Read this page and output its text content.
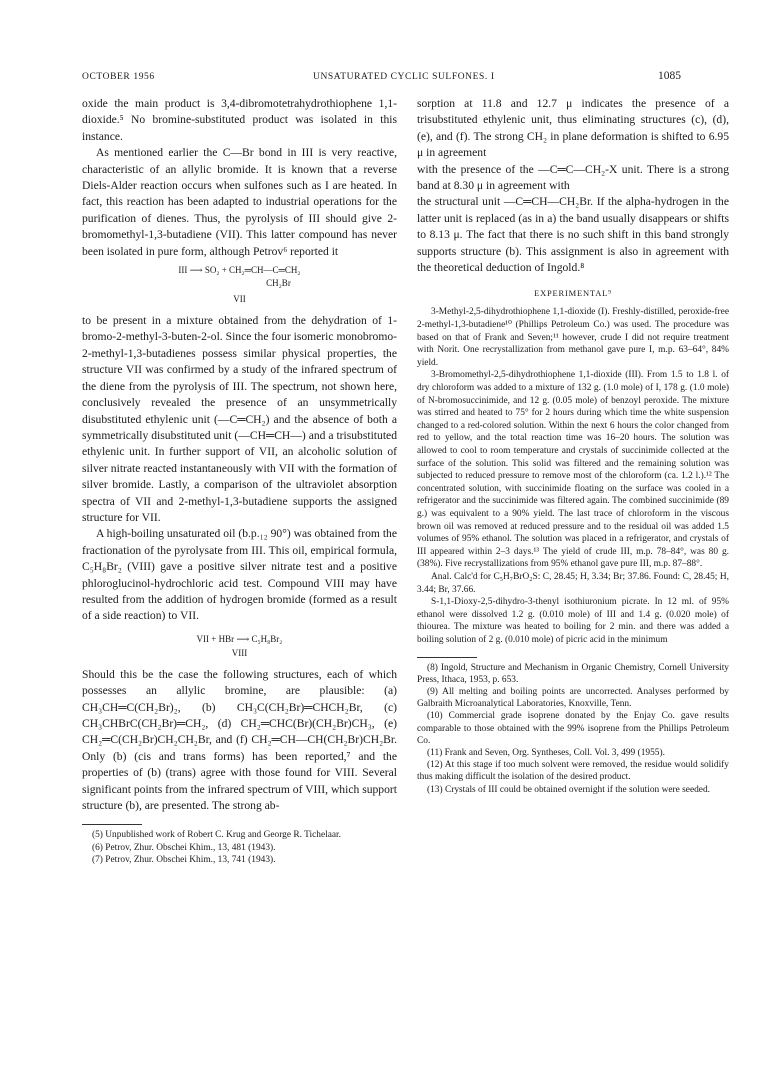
OCTOBER 1956	UNSATURATED CYCLIC SULFONES. I	1085

oxide the main product is 3,4-dibromotetrahydrothiophene 1,1-dioxide.⁵ No bromine-substituted product was isolated in this instance.

As mentioned earlier the C—Br bond in III is very reactive, characteristic of an allylic bromide. It is known that a reverse Diels-Alder reaction occurs when sulfones such as I are heated. In fact, this reaction has been adapted to industrial operations for the purification of dienes. Thus, the pyrolysis of III should give 2-bromomethyl-1,3-butadiene (VII). This latter compound has never been isolated in pure form, although Petrov⁶ reported it

III ⟶ SO₂ + CH₂═CH—C═CH₂
CH₂Br
VII

to be present in a mixture obtained from the dehydration of 1-bromo-2-methyl-3-buten-2-ol. Since the four isomeric monobromo-2-methyl-1,3-butadienes possess similar physical properties, the structure VII was confirmed by a study of the infrared spectrum of the diene from the pyrolysis of III. The spectrum, not shown here, conclusively revealed the presence of an unsymmetrically disubstituted ethylenic unit (—C═CH₂) and the absence of both a symmetrically disubstituted unit (—CH═CH—) and a trisubstituted ethylenic unit. In further support of VII, an alcoholic solution of silver nitrate reacted instantaneously with VII with the formation of silver bromide. Lastly, a comparison of the ultraviolet absorption spectra of VII and 2-methyl-1,3-butadiene supports the assigned structure for VII.

A high-boiling unsaturated oil (b.p.₁₂ 90°) was obtained from the fractionation of the pyrolysate from III. This oil, empirical formula, C₅H₈Br₂ (VIII) gave a positive silver nitrate test and a positive phloroglucinol-hydrochloric acid test. Compound VIII may have resulted from the addition of hydrogen bromide (formed as a result of a side reaction) to VII.

VII + HBr ⟶ C₅H₈Br₂
VIII

Should this be the case the following structures, each of which possesses an allylic bromine, are plausible: (a) CH₃CH═C(CH₂Br)₂, (b) CH₃C(CH₂Br)═CHCH₂Br, (c) CH₃CHBrC(CH₂Br)═CH₂, (d) CH₂═CHC(Br)(CH₂Br)CH₃, (e) CH₂═C(CH₂Br)CH₂CH₂Br, and (f) CH₂═CH—CH(CH₂Br)CH₂Br. Only (b) (cis and trans forms) has been reported,⁷ and the properties of (b) (trans) agree with those found for VIII. Several significant points from the infrared spectrum of VIII, which support structure (b), are presented. The strong ab-

(5) Unpublished work of Robert C. Krug and George R. Tichelaar.

(6) Petrov, Zhur. Obschei Khim., 13, 481 (1943).

(7) Petrov, Zhur. Obschei Khim., 13, 741 (1943).

sorption at 11.8 and 12.7 μ indicates the presence of a trisubstituted ethylenic unit, thus eliminating structures (c), (d), (e), and (f). The strong CH₂ in plane deformation is shifted to 6.95 μ in agreement

with the presence of the —C═C—CH₂-X unit. There is a strong band at 8.30 μ in agreement with

the structural unit —C═CH—CH₂Br. If the alpha-hydrogen in the latter unit is replaced (as in a) the band usually disappears or shifts to 8.13 μ. The fact that there is no such shift in this band strongly supports structure (b). This assignment is also in agreement with the theoretical deduction of Ingold.⁸

EXPERIMENTAL⁹

3-Methyl-2,5-dihydrothiophene 1,1-dioxide (I). Freshly-distilled, peroxide-free 2-methyl-1,3-butadiene¹⁰ (Phillips Petroleum Co.) was used. The procedure was based on that of Frank and Seven;¹¹ however, crude I did not require treatment with Norit. One recrystallization from methanol gave pure I, m.p. 63–64°, 84% yield.

3-Bromomethyl-2,5-dihydrothiophene 1,1-dioxide (III). From 1.5 to 1.8 l. of dry chloroform was added to a mixture of 132 g. (1.0 mole) of I, 178 g. (1.0 mole) of N-bromosuccinimide, and 12 g. (0.05 mole) of benzoyl peroxide. The mixture was stirred and heated to 75° for 2 hours during which time the white suspension changed to a red-colored solution. Within the next 6 hours the color changed from red to yellow, and the total reaction time was 16–20 hours. The solution was allowed to cool to room temperature and crystals of succinimide collected at the surface of the solution. This solid was filtered and the remaining solution was subjected to reduced pressure to remove most of the chloroform (ca. 1.2 l.).¹² The concentrated solution, with succinimide floating on the surface was cooled in a refrigerator and the succinimide was filtered again. The combined succinimide (89 g.) was equivalent to a 90% yield. The last trace of chloroform in the viscous brown oil was removed at reduced pressure and to the residual oil was added 1.5 volumes of 95% ethanol. The solution was placed in a refrigerator, and crystals of III appeared within 2–3 days.¹³ The yield of crude III, m.p. 78–84°, was 80 g. (38%). Five recrystallizations from 95% ethanol gave pure III, m.p. 87–88°.

Anal. Calc'd for C₅H₇BrO₂S: C, 28.45; H, 3.34; Br; 37.86. Found: C, 28.45; H, 3.44; Br, 37.66.

S-1,1-Dioxy-2,5-dihydro-3-thenyl isothiuronium picrate. In 12 ml. of 95% ethanol were dissolved 1.2 g. (0.010 mole) of III and 1.4 g. (0.020 mole) of thiourea. The mixture was heated to boiling for 2 min. and there was added a boiling solution of 2 g. (0.010 mole) of picric acid in the minimum

(8) Ingold, Structure and Mechanism in Organic Chemistry, Cornell University Press, Ithaca, 1953, p. 653.

(9) All melting and boiling points are uncorrected. Analyses performed by Galbraith Microanalytical Laboratories, Knoxville, Tenn.

(10) Commercial grade isoprene donated by the Enjay Co. gave results comparable to those obtained with the 99% isoprene from the Phillips Petroleum Co.

(11) Frank and Seven, Org. Syntheses, Coll. Vol. 3, 499 (1955).

(12) At this stage if too much solvent were removed, the residue would solidify thus making difficult the isolation of the desired product.

(13) Crystals of III could be obtained overnight if the solution were seeded.
